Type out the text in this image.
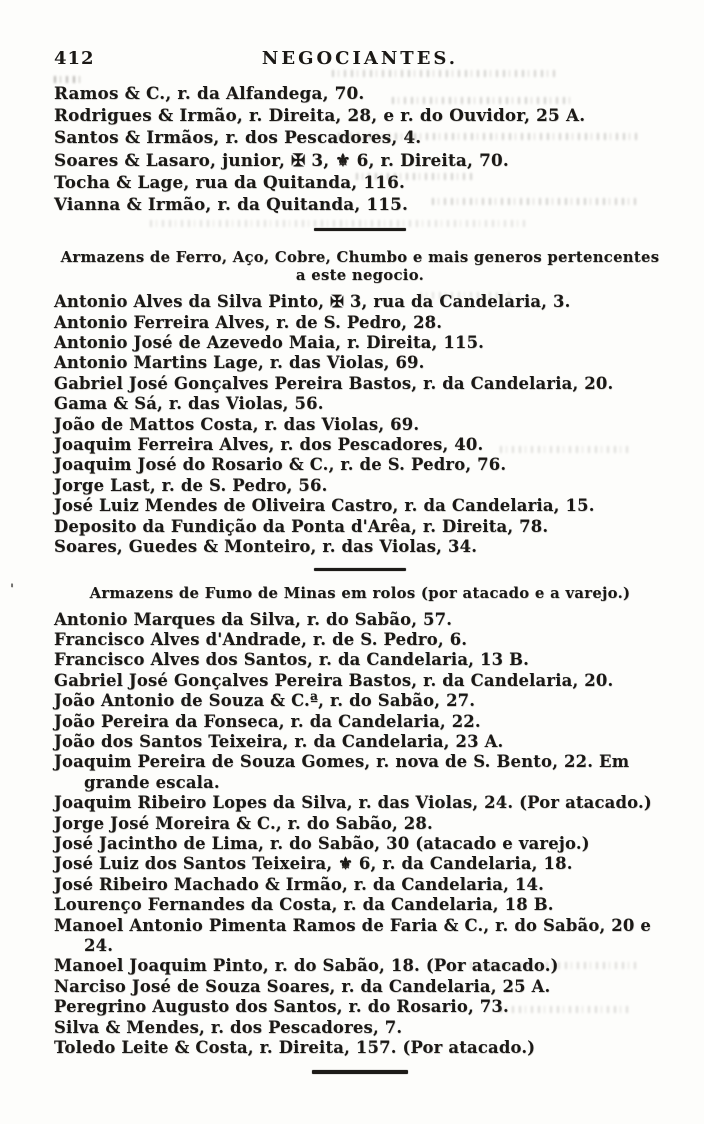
412	NEGOCIANTES.

Ramos & C., r. da Alfandega, 70.

Rodrigues & Irmão, r. Direita, 28, e r. do Ouvidor, 25 A.

Santos & Irmãos, r. dos Pescadores, 4.

Soares & Lasaro, junior, ✠ 3, ⚜ 6, r. Direita, 70.

Tocha & Lage, rua da Quitanda, 116.

Vianna & Irmão, r. da Quitanda, 115.

Armazens de Ferro, Aço, Cobre, Chumbo e mais generos pertencentes
a este negocio.

Antonio Alves da Silva Pinto, ✠ 3, rua da Candelaria, 3.

Antonio Ferreira Alves, r. de S. Pedro, 28.

Antonio José de Azevedo Maia, r. Direita, 115.

Antonio Martins Lage, r. das Violas, 69.

Gabriel José Gonçalves Pereira Bastos, r. da Candelaria, 20.

Gama & Sá, r. das Violas, 56.

João de Mattos Costa, r. das Violas, 69.

Joaquim Ferreira Alves, r. dos Pescadores, 40.

Joaquim José do Rosario & C., r. de S. Pedro, 76.

Jorge Last, r. de S. Pedro, 56.

José Luiz Mendes de Oliveira Castro, r. da Candelaria, 15.

Deposito da Fundição da Ponta d'Arêa, r. Direita, 78.

Soares, Guedes & Monteiro, r. das Violas, 34.

'	Armazens de Fumo de Minas em rolos (por atacado e a varejo.)

Antonio Marques da Silva, r. do Sabão, 57.

Francisco Alves d'Andrade, r. de S. Pedro, 6.

Francisco Alves dos Santos, r. da Candelaria, 13 B.

Gabriel José Gonçalves Pereira Bastos, r. da Candelaria, 20.

João Antonio de Souza & C.ª, r. do Sabão, 27.

João Pereira da Fonseca, r. da Candelaria, 22.

João dos Santos Teixeira, r. da Candelaria, 23 A.

Joaquim Pereira de Souza Gomes, r. nova de S. Bento, 22. Em grande escala.

Joaquim Ribeiro Lopes da Silva, r. das Violas, 24. (Por atacado.)

Jorge José Moreira & C., r. do Sabão, 28.

José Jacintho de Lima, r. do Sabão, 30 (atacado e varejo.)

José Luiz dos Santos Teixeira, ⚜ 6, r. da Candelaria, 18.

José Ribeiro Machado & Irmão, r. da Candelaria, 14.

Lourenço Fernandes da Costa, r. da Candelaria, 18 B.

Manoel Antonio Pimenta Ramos de Faria & C., r. do Sabão, 20 e 24.

Manoel Joaquim Pinto, r. do Sabão, 18. (Por atacado.)

Narciso José de Souza Soares, r. da Candelaria, 25 A.

Peregrino Augusto dos Santos, r. do Rosario, 73.

Silva & Mendes, r. dos Pescadores, 7.

Toledo Leite & Costa, r. Direita, 157. (Por atacado.)
